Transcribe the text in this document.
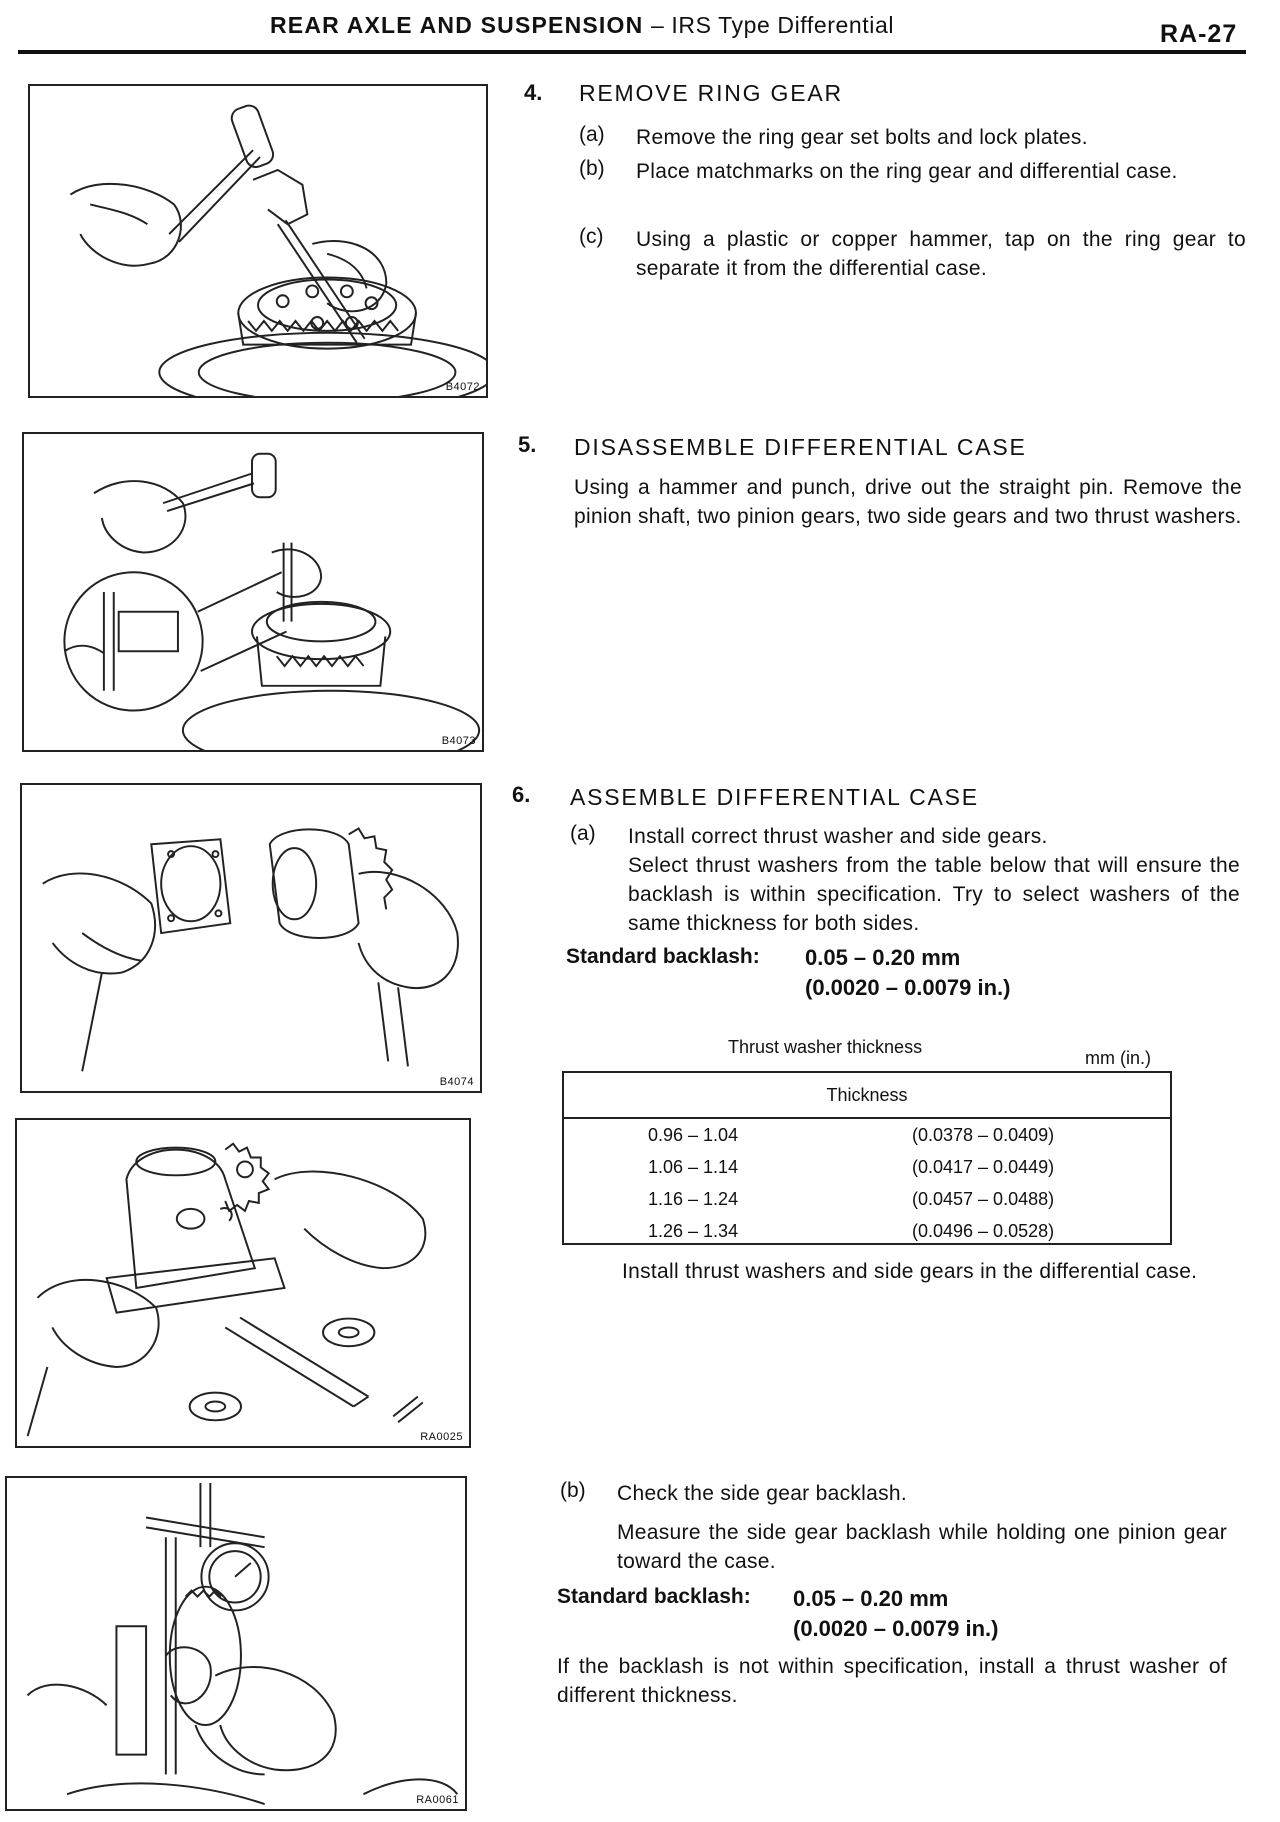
REAR AXLE AND SUSPENSION – IRS Type Differential	RA-27
B4072
B4073
B4074
RA0025
RA0061
4. REMOVE RING GEAR
(a) Remove the ring gear set bolts and lock plates.
(b) Place matchmarks on the ring gear and differential case.
(c) Using a plastic or copper hammer, tap on the ring gear to separate it from the differential case.
5. DISASSEMBLE DIFFERENTIAL CASE
Using a hammer and punch, drive out the straight pin. Remove the pinion shaft, two pinion gears, two side gears and two thrust washers.
6. ASSEMBLE DIFFERENTIAL CASE
(a) Install correct thrust washer and side gears.
Select thrust washers from the table below that will ensure the backlash is within specification. Try to select washers of the same thickness for both sides.
Standard backlash: 0.05 – 0.20 mm
(0.0020 – 0.0079 in.)
Thrust washer thickness
mm (in.)
Thickness
0.96 – 1.04	(0.0378 – 0.0409)
1.06 – 1.14	(0.0417 – 0.0449)
1.16 – 1.24	(0.0457 – 0.0488)
1.26 – 1.34	(0.0496 – 0.0528)
Install thrust washers and side gears in the differential case.
(b) Check the side gear backlash.
Measure the side gear backlash while holding one pinion gear toward the case.
Standard backlash: 0.05 – 0.20 mm
(0.0020 – 0.0079 in.)
If the backlash is not within specification, install a thrust washer of different thickness.
